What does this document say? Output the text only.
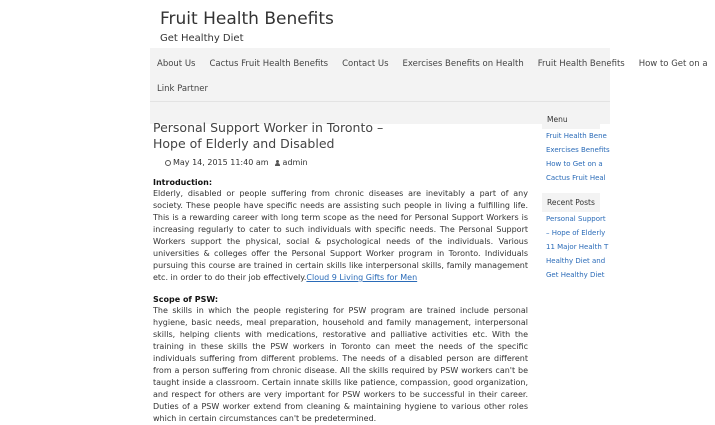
Fruit Health Benefits
Get Healthy Diet
About Us	Cactus Fruit Health Benefits	Contact Us	Exercises Benefits on Health	Fruit Health Benefits	How to Get on a
Link Partner
Personal Support Worker in Toronto – Hope of Elderly and Disabled
May 14, 2015 11:40 am admin
Introduction:

Elderly, disabled or people suffering from chronic diseases are inevitably a part of any society. These people have specific needs are assisting such people in living a fulfilling life. This is a rewarding career with long term scope as the need for Personal Support Workers is increasing regularly to cater to such individuals with specific needs. The Personal Support Workers support the physical, social & psychological needs of the individuals. Various universities & colleges offer the Personal Support Worker program in Toronto. Individuals pursuing this course are trained in certain skills like interpersonal skills, family management etc. in order to do their job effectively.Cloud 9 Living Gifts for Men

Scope of PSW:

The skills in which the people registering for PSW program are trained include personal hygiene, basic needs, meal preparation, household and family management, interpersonal skills, helping clients with medications, restorative and palliative activities etc. With the training in these skills the PSW workers in Toronto can meet the needs of the specific individuals suffering from different problems. The needs of a disabled person are different from a person suffering from chronic disease. All the skills required by PSW workers can't be taught inside a classroom. Certain innate skills like patience, compassion, good organization, and respect for others are very important for PSW workers to be successful in their career. Duties of a PSW worker extend from cleaning & maintaining hygiene to various other roles which in certain circumstances can't be predetermined.

Menu
Fruit Health Bene
Exercises Benefits
How to Get on a
Cactus Fruit Heal
Recent Posts
Personal Support
– Hope of Elderly
11 Major Health T
Healthy Diet and
Get Healthy Diet
